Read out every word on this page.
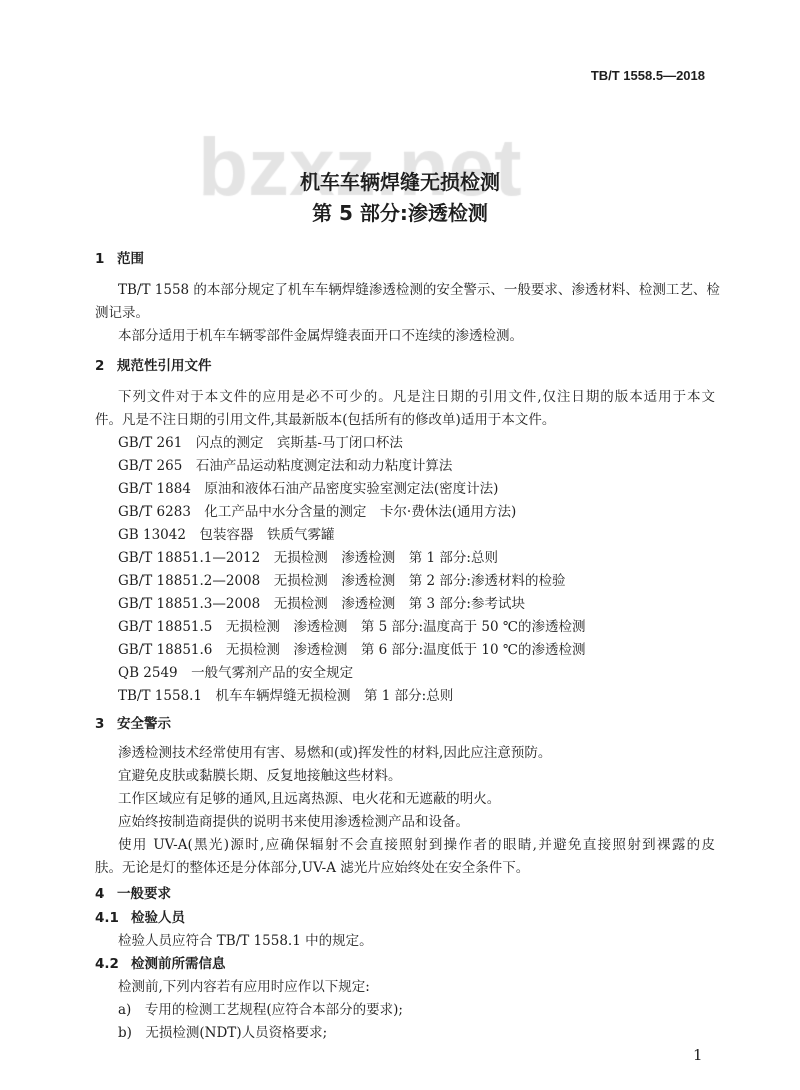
TB/T 1558.5—2018
机车车辆焊缝无损检测
第 5 部分:渗透检测
1 范围
TB/T 1558 的本部分规定了机车车辆焊缝渗透检测的安全警示、一般要求、渗透材料、检测工艺、检
测记录。
本部分适用于机车车辆零部件金属焊缝表面开口不连续的渗透检测。
2 规范性引用文件
下列文件对于本文件的应用是必不可少的。凡是注日期的引用文件,仅注日期的版本适用于本文
件。凡是不注日期的引用文件,其最新版本(包括所有的修改单)适用于本文件。
GB/T 261　闪点的测定　宾斯基-马丁闭口杯法
GB/T 265　石油产品运动粘度测定法和动力粘度计算法
GB/T 1884　原油和液体石油产品密度实验室测定法(密度计法)
GB/T 6283　化工产品中水分含量的测定　卡尔·费休法(通用方法)
GB 13042　包装容器　铁质气雾罐
GB/T 18851.1—2012　无损检测　渗透检测　第 1 部分:总则
GB/T 18851.2—2008　无损检测　渗透检测　第 2 部分:渗透材料的检验
GB/T 18851.3—2008　无损检测　渗透检测　第 3 部分:参考试块
GB/T 18851.5　无损检测　渗透检测　第 5 部分:温度高于 50 ℃的渗透检测
GB/T 18851.6　无损检测　渗透检测　第 6 部分:温度低于 10 ℃的渗透检测
QB 2549　一般气雾剂产品的安全规定
TB/T 1558.1　机车车辆焊缝无损检测　第 1 部分:总则
3 安全警示
渗透检测技术经常使用有害、易燃和(或)挥发性的材料,因此应注意预防。
宜避免皮肤或黏膜长期、反复地接触这些材料。
工作区域应有足够的通风,且远离热源、电火花和无遮蔽的明火。
应始终按制造商提供的说明书来使用渗透检测产品和设备。
使用 UV-A(黑光)源时,应确保辐射不会直接照射到操作者的眼睛,并避免直接照射到裸露的皮
肤。无论是灯的整体还是分体部分,UV-A 滤光片应始终处在安全条件下。
4 一般要求
4.1 检验人员
检验人员应符合 TB/T 1558.1 中的规定。
4.2 检测前所需信息
检测前,下列内容若有应用时应作以下规定:
a)　专用的检测工艺规程(应符合本部分的要求);
b)　无损检测(NDT)人员资格要求;
1
